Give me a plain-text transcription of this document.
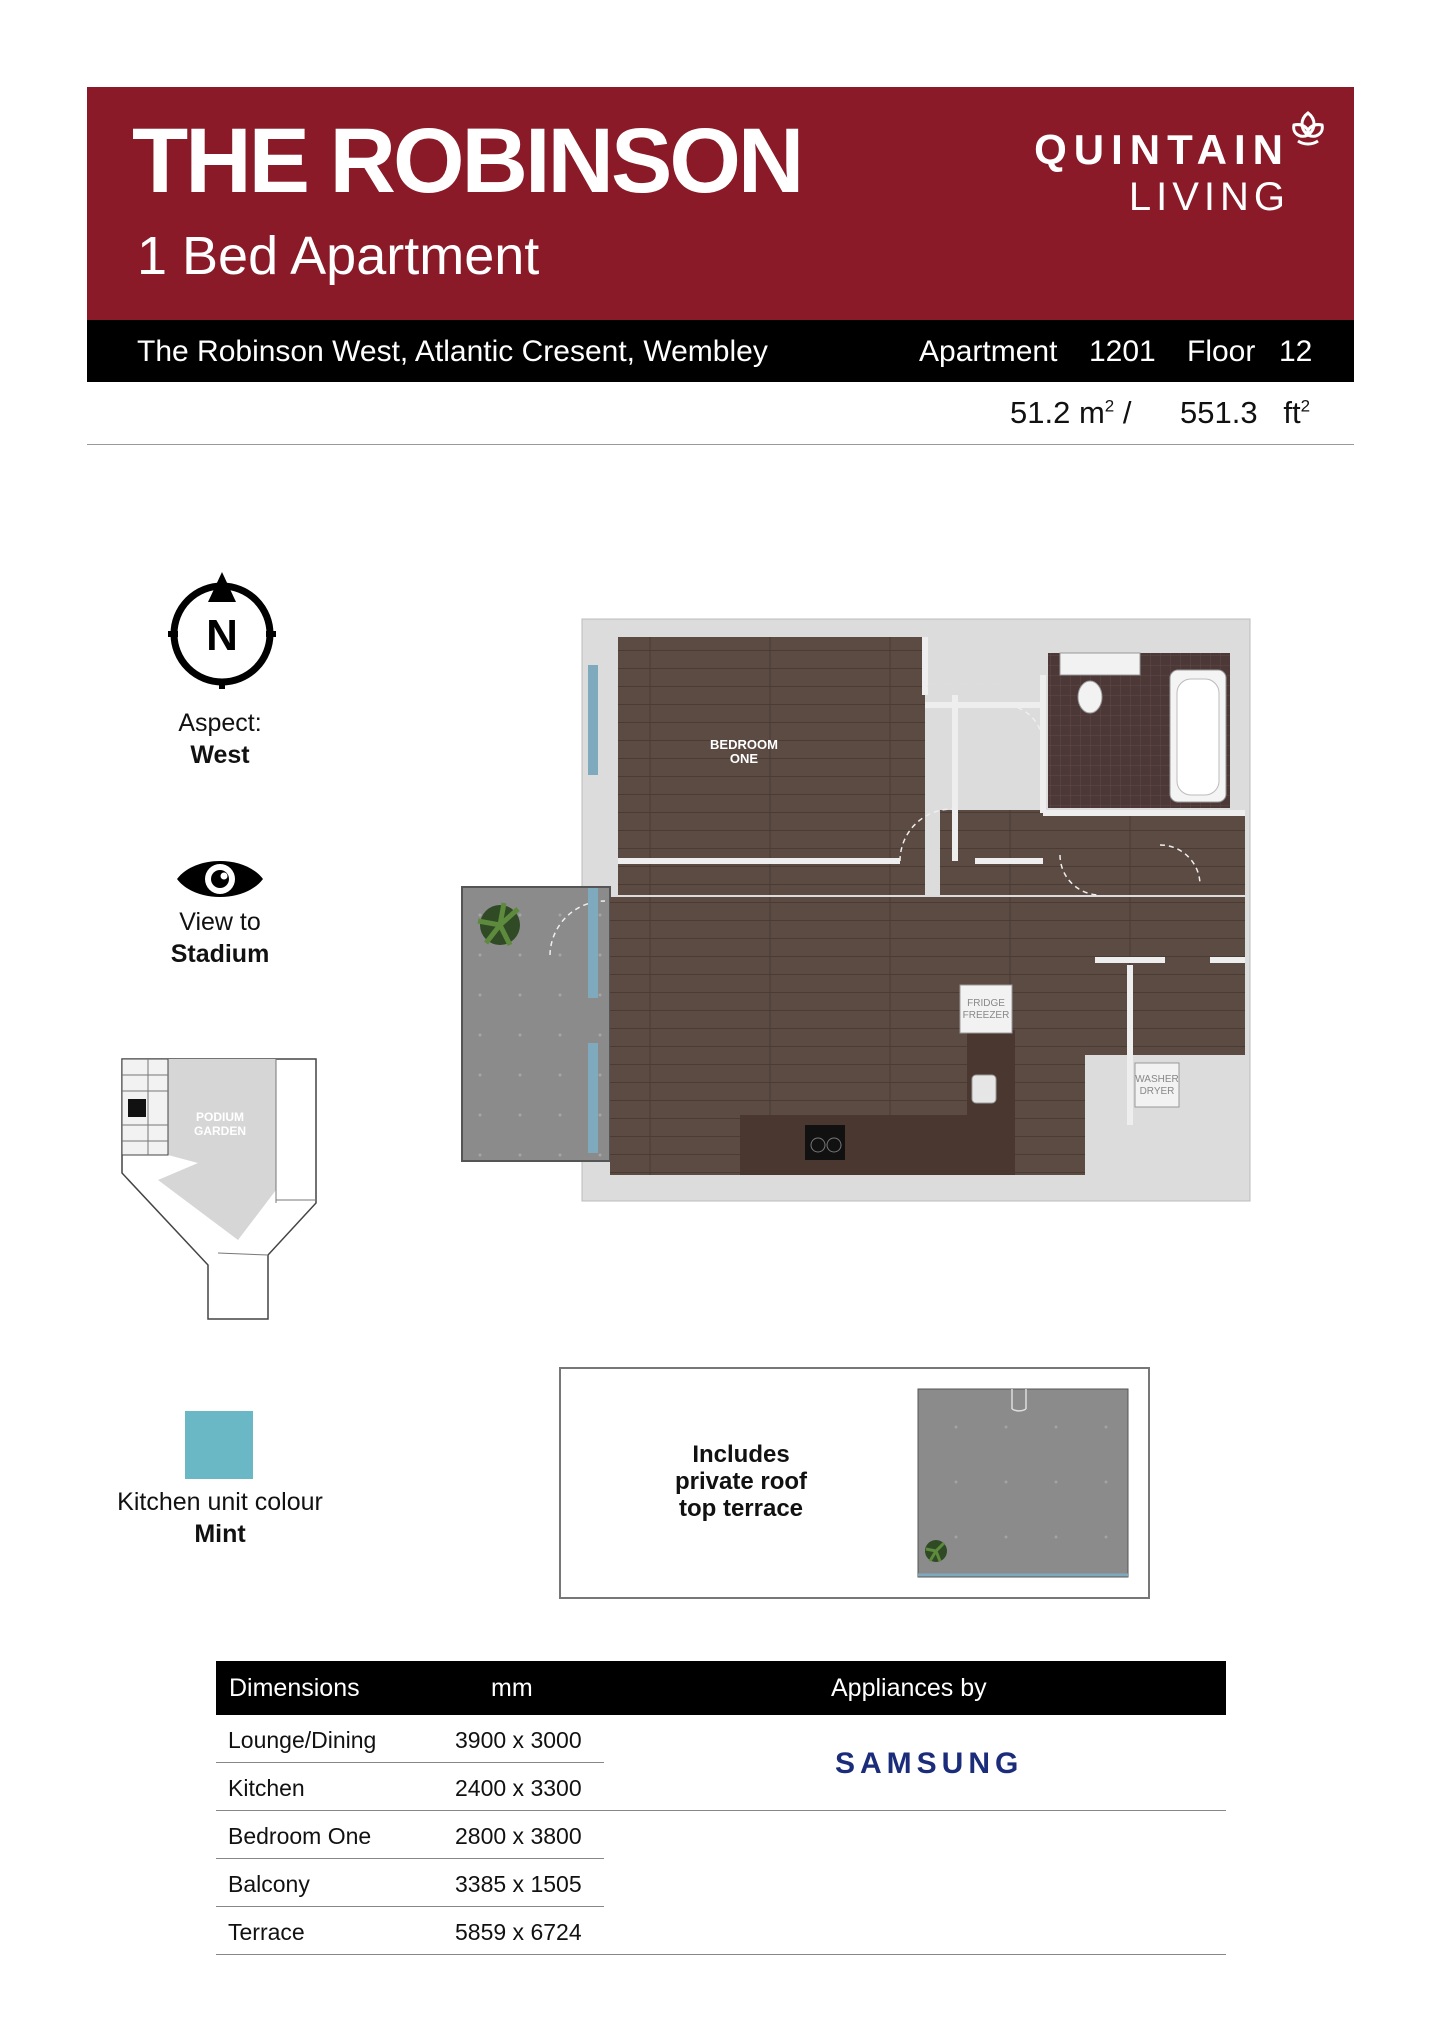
THE ROBINSON
1 Bed Apartment
QUINTAIN
LIVING
The Robinson West, Atlantic Cresent, Wembley	Apartment 1201 Floor 12
51.2 $m^2 / 551.3$ $ft^2$
N
Aspect:
West
View to
Stadium
PODIUM
GARDEN
Kitchen unit colour
Mint
FRIDGE
FREEZER
WASHER
DRYER
BEDROOM
ONE
Includes
private roof
top terrace
Dimensions	mm	Appliances by
Lounge/Dining	3900 x 3000
Kitchen	2400 x 3300
Bedroom One	2800 x 3800
Balcony	3385 x 1505
Terrace	5859 x 6724
SAMSUNG
